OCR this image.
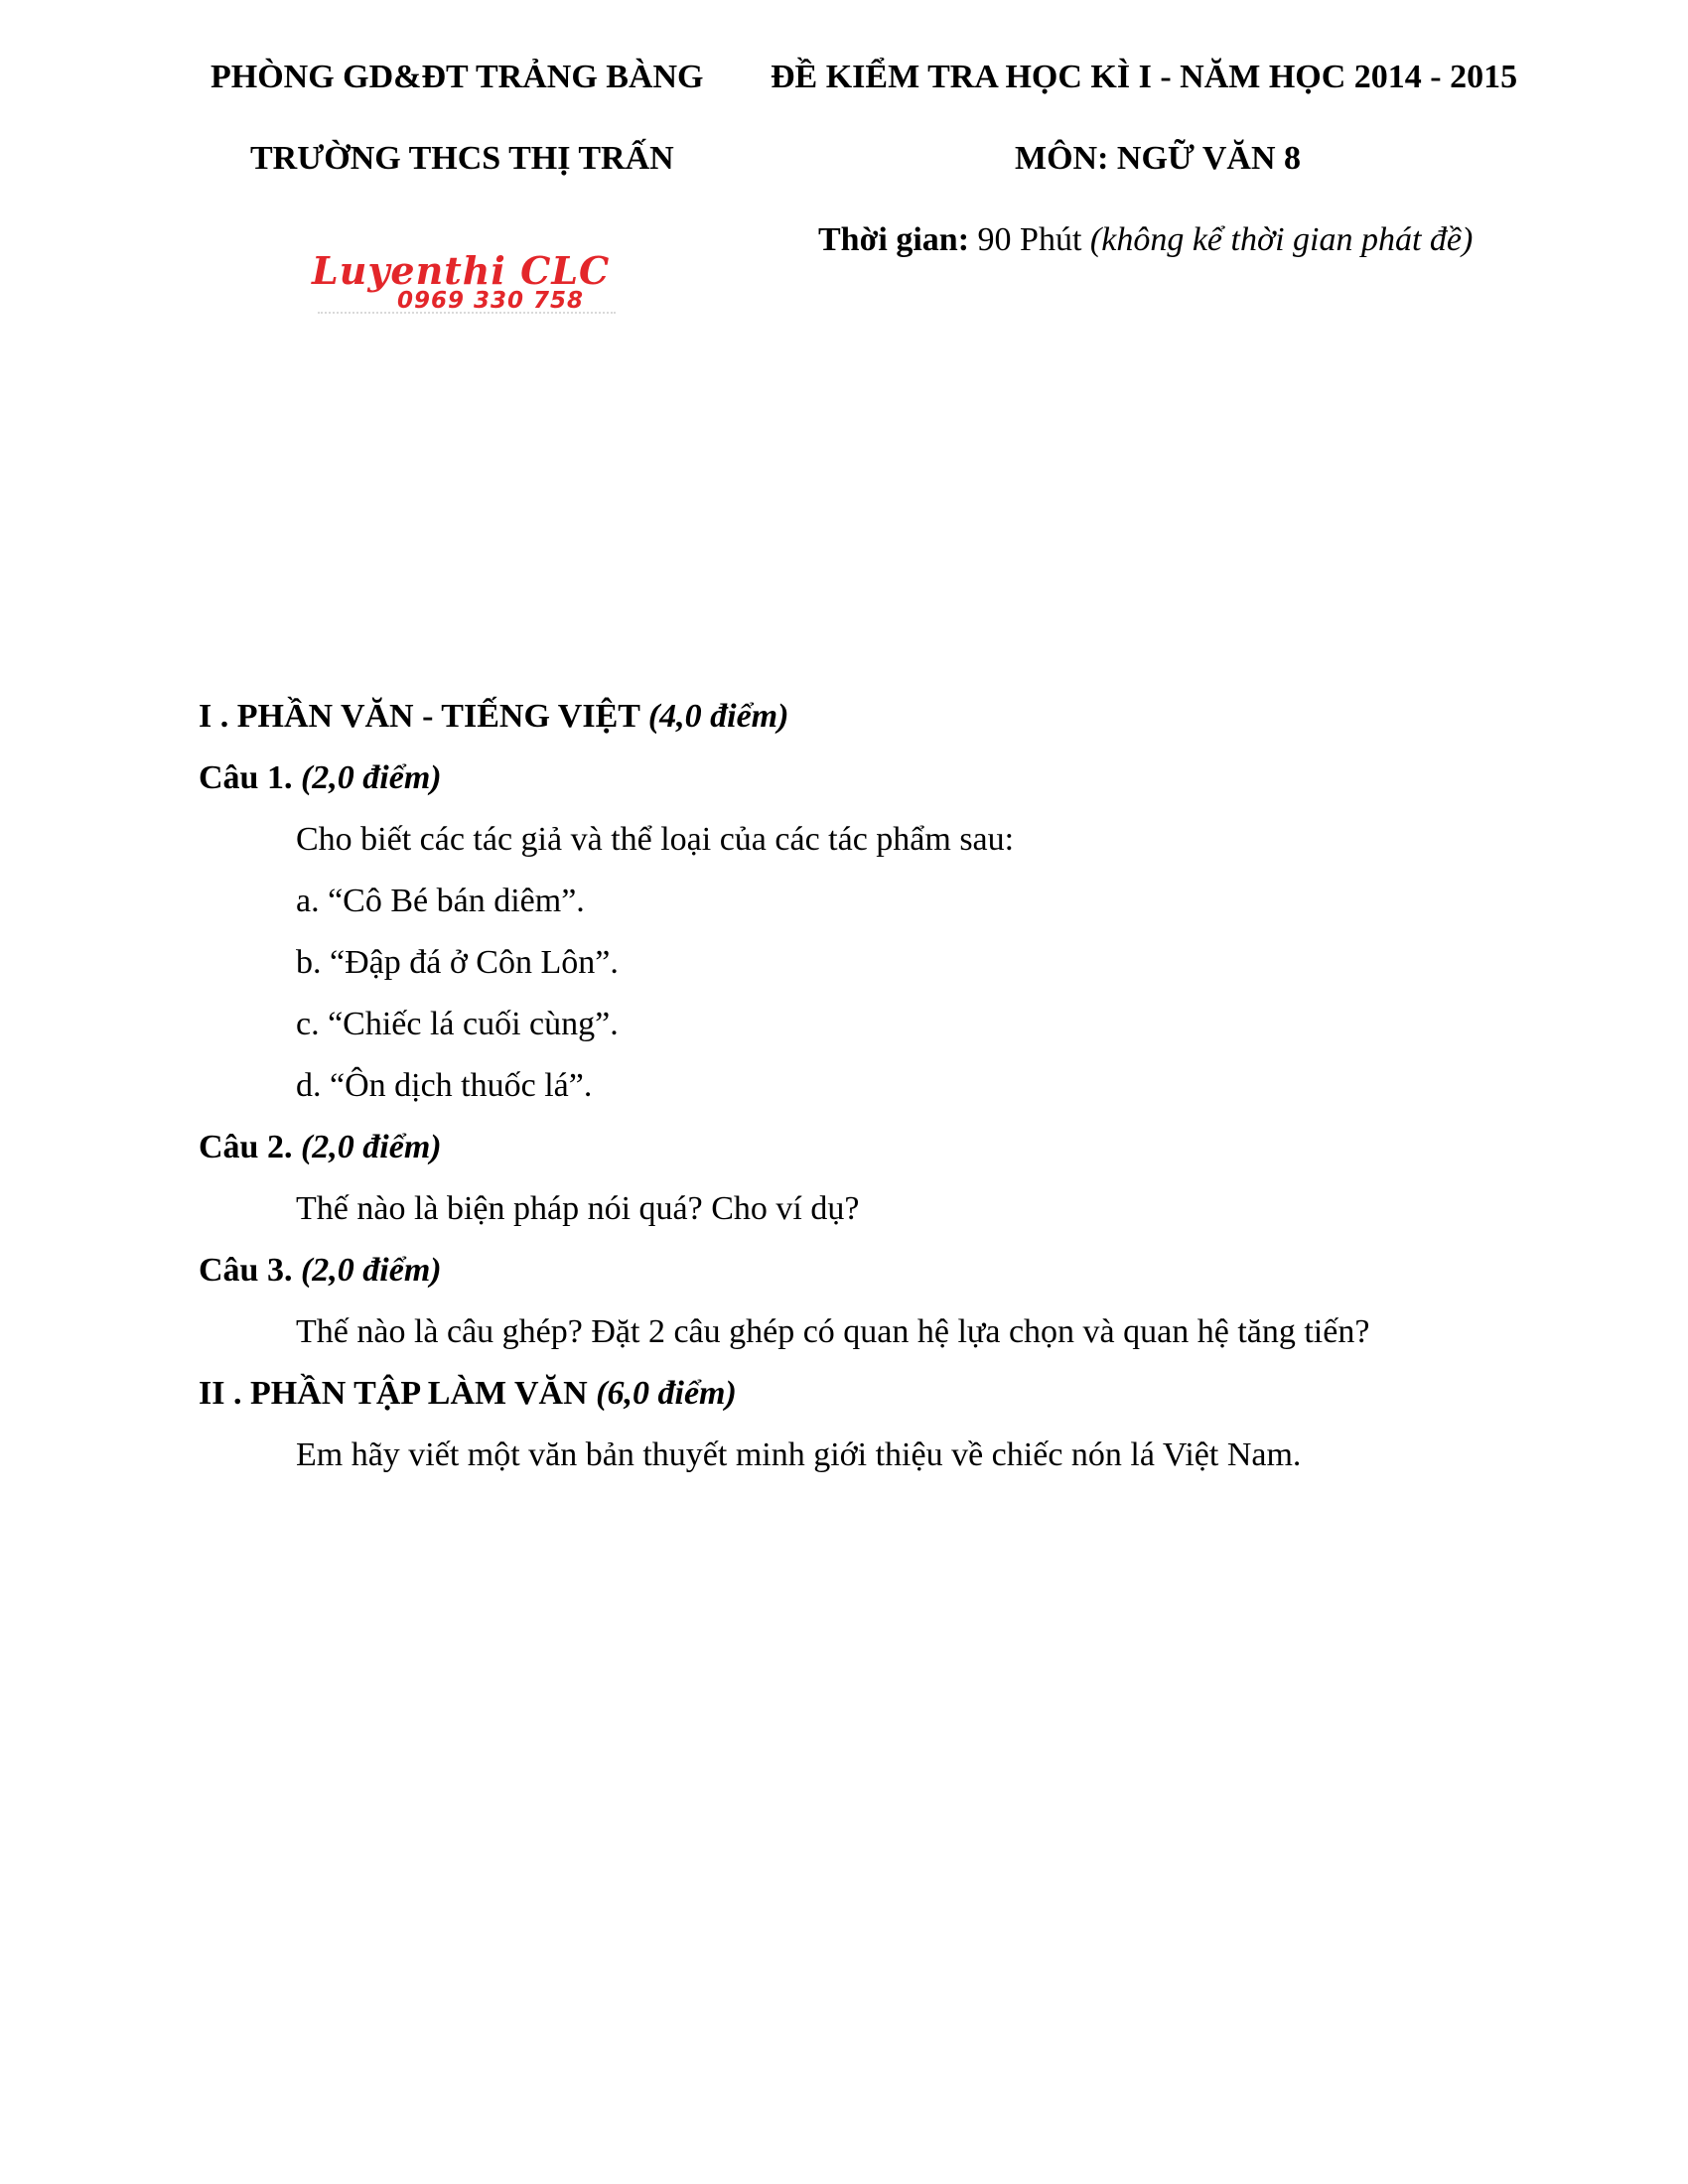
PHÒNG GD&ĐT TRẢNG BÀNG ĐỀ KIỂM TRA HỌC KÌ I - NĂM HỌC 2014 - 2015
TRƯỜNG THCS THỊ TRẤN	MÔN: NGỮ VĂN 8
Thời gian: 90 Phút (không kể thời gian phát đề)
Luyenthi CLC
0969 330 758
I . PHẦN VĂN - TIẾNG VIỆT (4,0 điểm)
Câu 1. (2,0 điểm)
Cho biết các tác giả và thể loại của các tác phẩm sau:
a. “Cô Bé bán diêm”.
b. “Đập đá ở Côn Lôn”.
c. “Chiếc lá cuối cùng”.
d. “Ôn dịch thuốc lá”.
Câu 2. (2,0 điểm)
Thế nào là biện pháp nói quá? Cho ví dụ?
Câu 3. (2,0 điểm)
Thế nào là câu ghép? Đặt 2 câu ghép có quan hệ lựa chọn và quan hệ tăng tiến?
II . PHẦN TẬP LÀM VĂN (6,0 điểm)
Em hãy viết một văn bản thuyết minh giới thiệu về chiếc nón lá Việt Nam.
